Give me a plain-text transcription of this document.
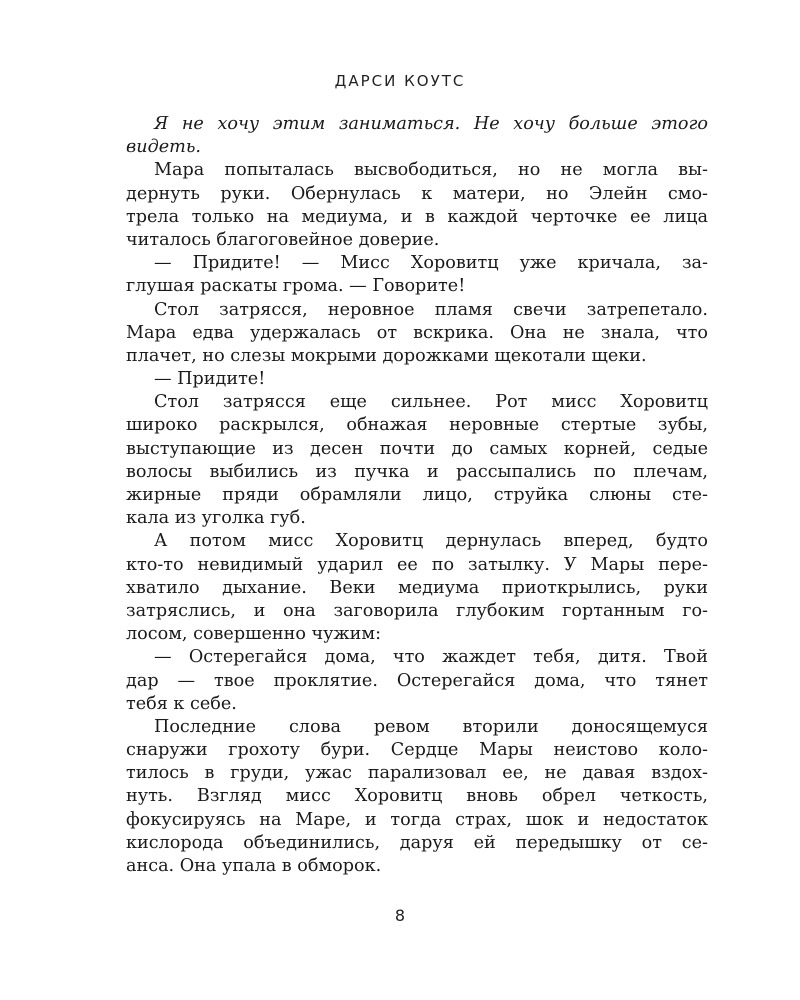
ДАРСИ КОУТС
Я не хочу этим заниматься. Не хочу больше этого
видеть.
Мара попыталась высвободиться, но не могла вы-
дернуть руки. Обернулась к матери, но Элейн смо-
трела только на медиума, и в каждой черточке ее лица
читалось благоговейное доверие.
— Придите! — Мисс Хоровитц уже кричала, за-
глушая раскаты грома. — Говорите!
Стол затрясся, неровное пламя свечи затрепетало.
Мара едва удержалась от вскрика. Она не знала, что
плачет, но слезы мокрыми дорожками щекотали щеки.
— Придите!
Стол затрясся еще сильнее. Рот мисс Хоровитц
широко раскрылся, обнажая неровные стертые зубы,
выступающие из десен почти до самых корней, седые
волосы выбились из пучка и рассыпались по плечам,
жирные пряди обрамляли лицо, струйка слюны сте-
кала из уголка губ.
А потом мисс Хоровитц дернулась вперед, будто
кто-то невидимый ударил ее по затылку. У Мары пере-
хватило дыхание. Веки медиума приоткрылись, руки
затряслись, и она заговорила глубоким гортанным го-
лосом, совершенно чужим:
— Остерегайся дома, что жаждет тебя, дитя. Твой
дар — твое проклятие. Остерегайся дома, что тянет
тебя к себе.
Последние слова ревом вторили доносящемуся
снаружи грохоту бури. Сердце Мары неистово коло-
тилось в груди, ужас парализовал ее, не давая вздох-
нуть. Взгляд мисс Хоровитц вновь обрел четкость,
фокусируясь на Маре, и тогда страх, шок и недостаток
кислорода объединились, даруя ей передышку от се-
анса. Она упала в обморок.
8
